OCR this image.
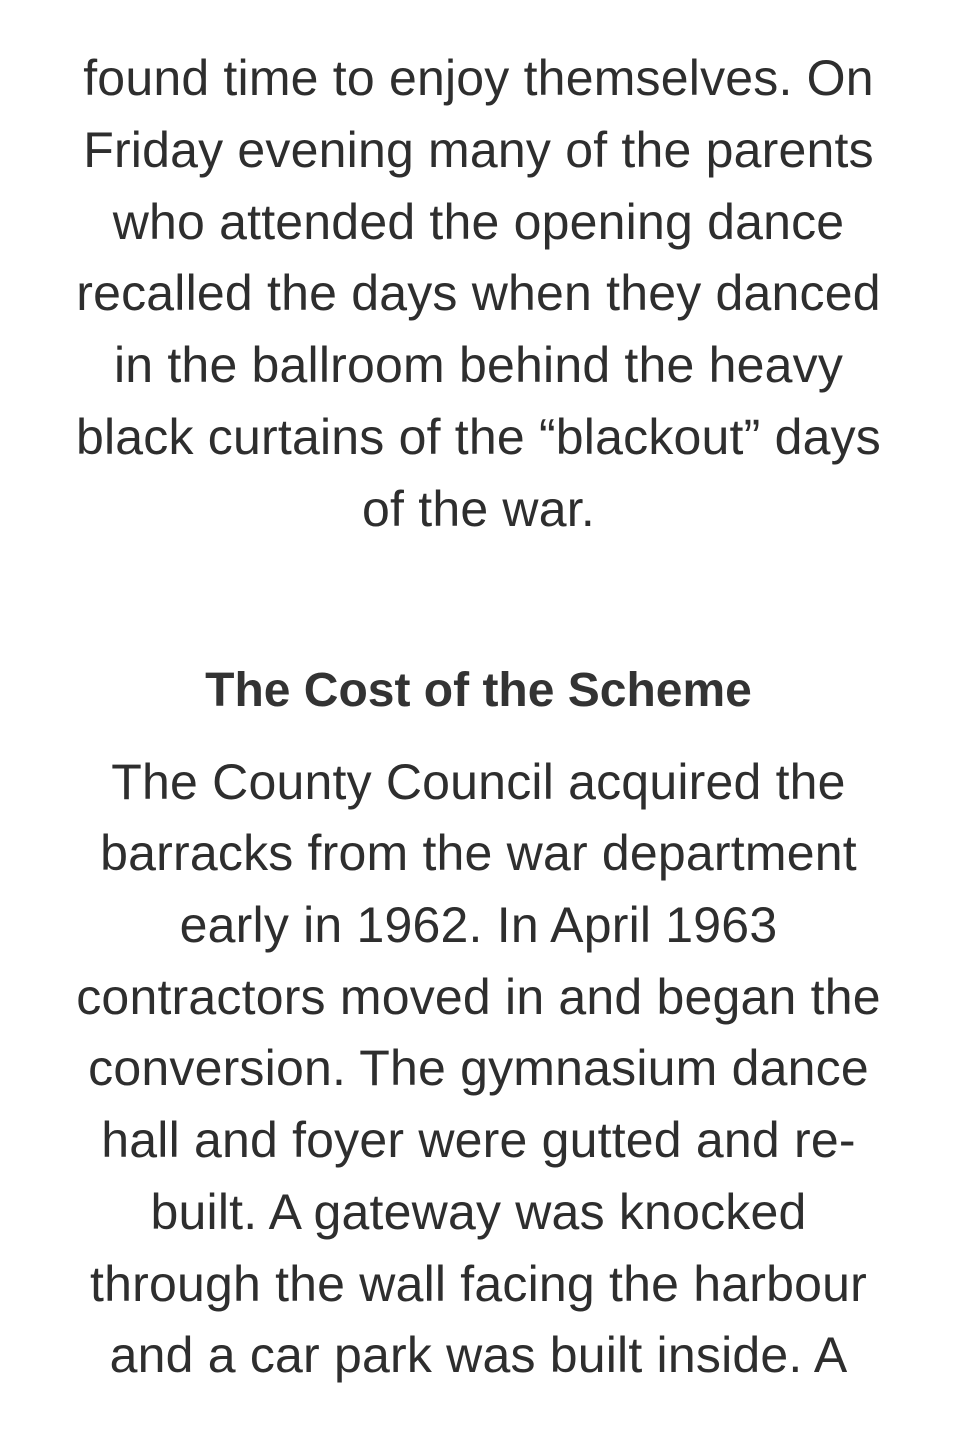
found time to enjoy themselves. On
Friday evening many of the parents
who attended the opening dance
recalled the days when they danced
in the ballroom behind the heavy
black curtains of the “blackout” days
of the war.
The Cost of the Scheme
The County Council acquired the
barracks from the war department
early in 1962. In April 1963
contractors moved in and began the
conversion. The gymnasium dance
hall and foyer were gutted and re-
built. A gateway was knocked
through the wall facing the harbour
and a car park was built inside. A
